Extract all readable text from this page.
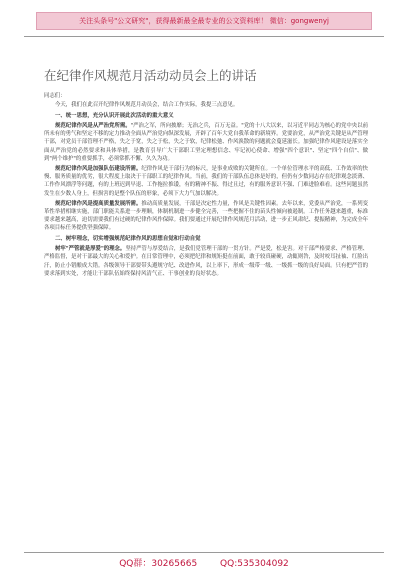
关注头条号"公文研究"，获得最新最全最专业的公文资料库！ 微信：gongwenyj
在纪律作风规范月活动动员会上的讲话

同志们：

今天，我们在此召开纪律作风规范月动员会，结合工作实际，我提三点意见。

一、统一思想，充分认识开展此次活动的重大意义

规范纪律作风是从严治党所需。"严治之军，所向披靡；无治之兵，百万无益。"党的十八大以来，以习近平同志为核心的党中央以前所未有的勇气和坚定不移的定力推动全面从严治党向纵深发展，开辟了百年大党自我革命的新境界。党要治党，从严治党关键是从严管理干部，对党员干部管理不严格，失之于宽，失之于松，失之于软，纪律松弛、作风涣散的问题就会蔓延滋长。加强纪律作风建设是落实全面从严治党的必然要求和具体举措，是教育引导广大干部职工坚定理想信念、牢记初心使命、增强"四个意识"、坚定"四个自信"、做到"两个维护"的重要抓手，必须常抓不懈、久久为功。

规范纪律作风是加强队伍建设所需。纪律作风是干部行为的标尺，是事业成败的关键所在。一个单位管理水平的高低、工作效率的快慢、服务质量的优劣，很大程度上取决于干部职工的纪律作风。当前，我们的干部队伍总体是好的，但仍有少数同志存在纪律观念淡薄、工作作风漂浮等问题，有的上班迟到早退、工作拖拉推诿，有的精神不振、得过且过，有的服务意识不强、门难进脸难看。这些问题虽然发生在少数人身上，但损害的是整个队伍的形象，必须下大力气加以解决。

规范纪律作风是提高质量发展所需。推动高质量发展，干部是决定性力量，作风是关键性因素。去年以来，党委从严治党，一系列变革性举措相继实施，部门职能关系进一步理顺，体制机制进一步健全完善，一些把握不住的苗头性倾向被遏制。工作任务越来越重，标准要求越来越高，迫切需要我们有过硬的纪律作风作保障。我们要通过开展纪律作风规范月活动，进一步正风肃纪、提振精神，为完成全年各项目标任务提供坚强保障。

二、树牢理念，切实增强规范纪律作风的思想自觉和行动自觉

树牢"严管就是厚爱"的理念。坚持严管与厚爱结合，是我们党管理干部的一贯方针。严是爱，松是害。对干部严格要求、严格管理、严格监督，是对干部最大的关心和爱护。在日常管理中，必须把纪律和规矩挺在前面，敢于较真碰硬，动辄则咎，及时咬耳扯袖、红脸出汗，防止小错酿成大错。各级领导干部要带头遵规守纪、改进作风，以上率下，形成一级带一级、一级抓一级的良好局面。只有把严管的要求落到实处，才能让干部队伍始终保持风清气正、干事创业的良好状态。

QQ群：30265665	QQ:535304092
